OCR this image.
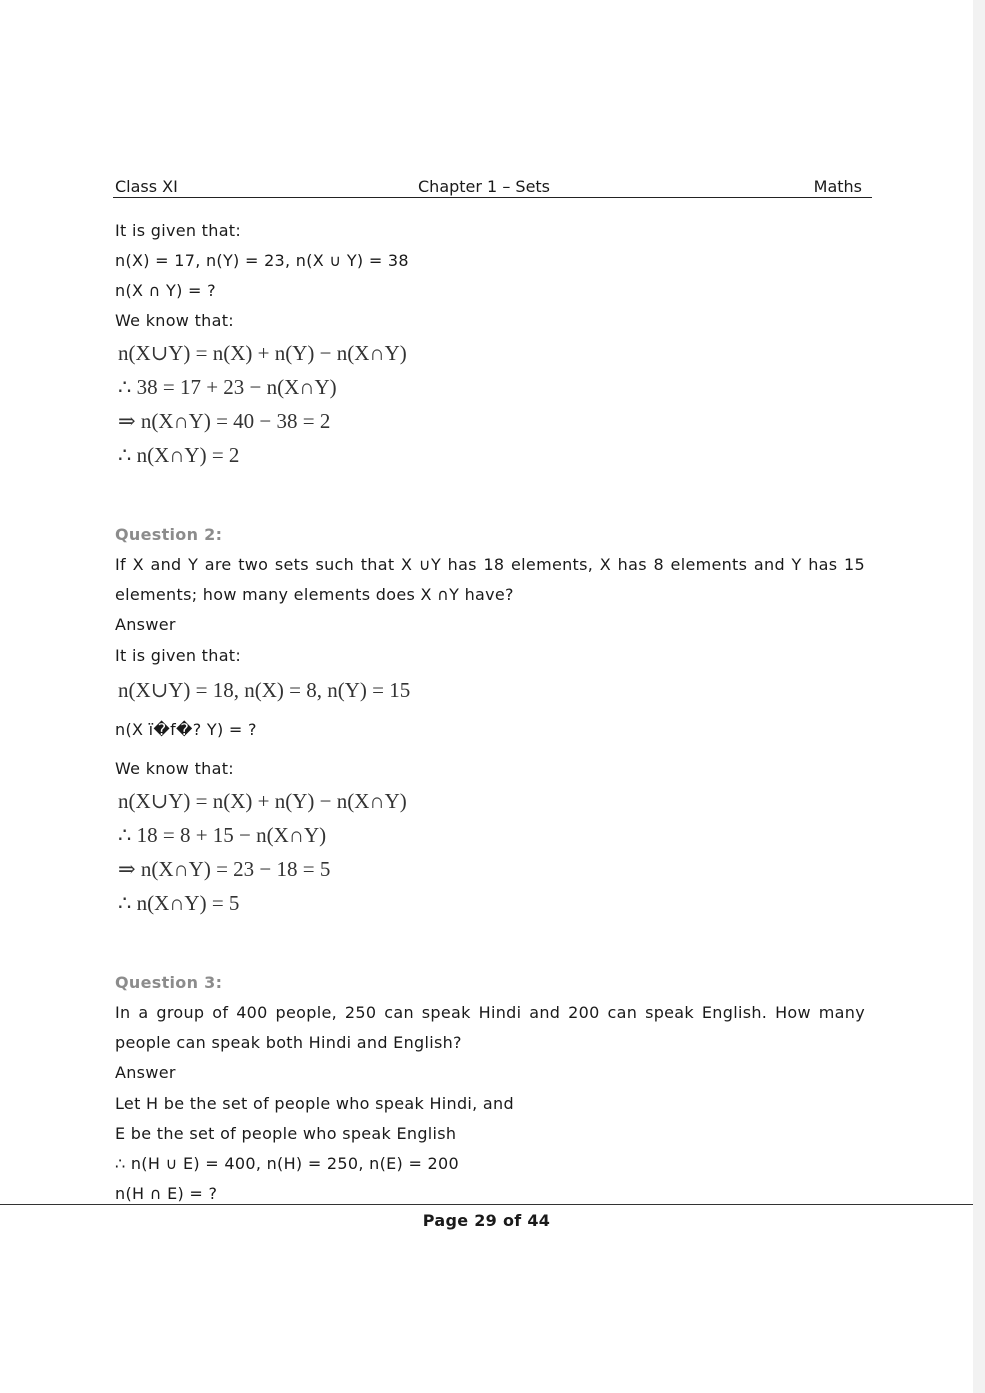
Class XI	Chapter 1 – Sets	Maths
It is given that:
n(X) = 17, n(Y) = 23, n(X ∪ Y) = 38
n(X ∩ Y) = ?
We know that:
n(X∪Y) = n(X) + n(Y) − n(X∩Y)
∴ 38 = 17 + 23 − n(X∩Y)
⇒ n(X∩Y) = 40 − 38 = 2
∴ n(X∩Y) = 2
Question 2:
If X and Y are two sets such that X ∪Y has 18 elements, X has 8 elements and Y has 15 elements; how many elements does X ∩Y have?
Answer
It is given that:
n(X∪Y) = 18, n(X) = 8, n(Y) = 15
n(X ï�f�? Y) = ?
We know that:
n(X∪Y) = n(X) + n(Y) − n(X∩Y)
∴ 18 = 8 + 15 − n(X∩Y)
⇒ n(X∩Y) = 23 − 18 = 5
∴ n(X∩Y) = 5
Question 3:
In a group of 400 people, 250 can speak Hindi and 200 can speak English. How many people can speak both Hindi and English?
Answer
Let H be the set of people who speak Hindi, and
E be the set of people who speak English
∴ n(H ∪ E) = 400, n(H) = 250, n(E) = 200
n(H ∩ E) = ?
Page 29 of 44
